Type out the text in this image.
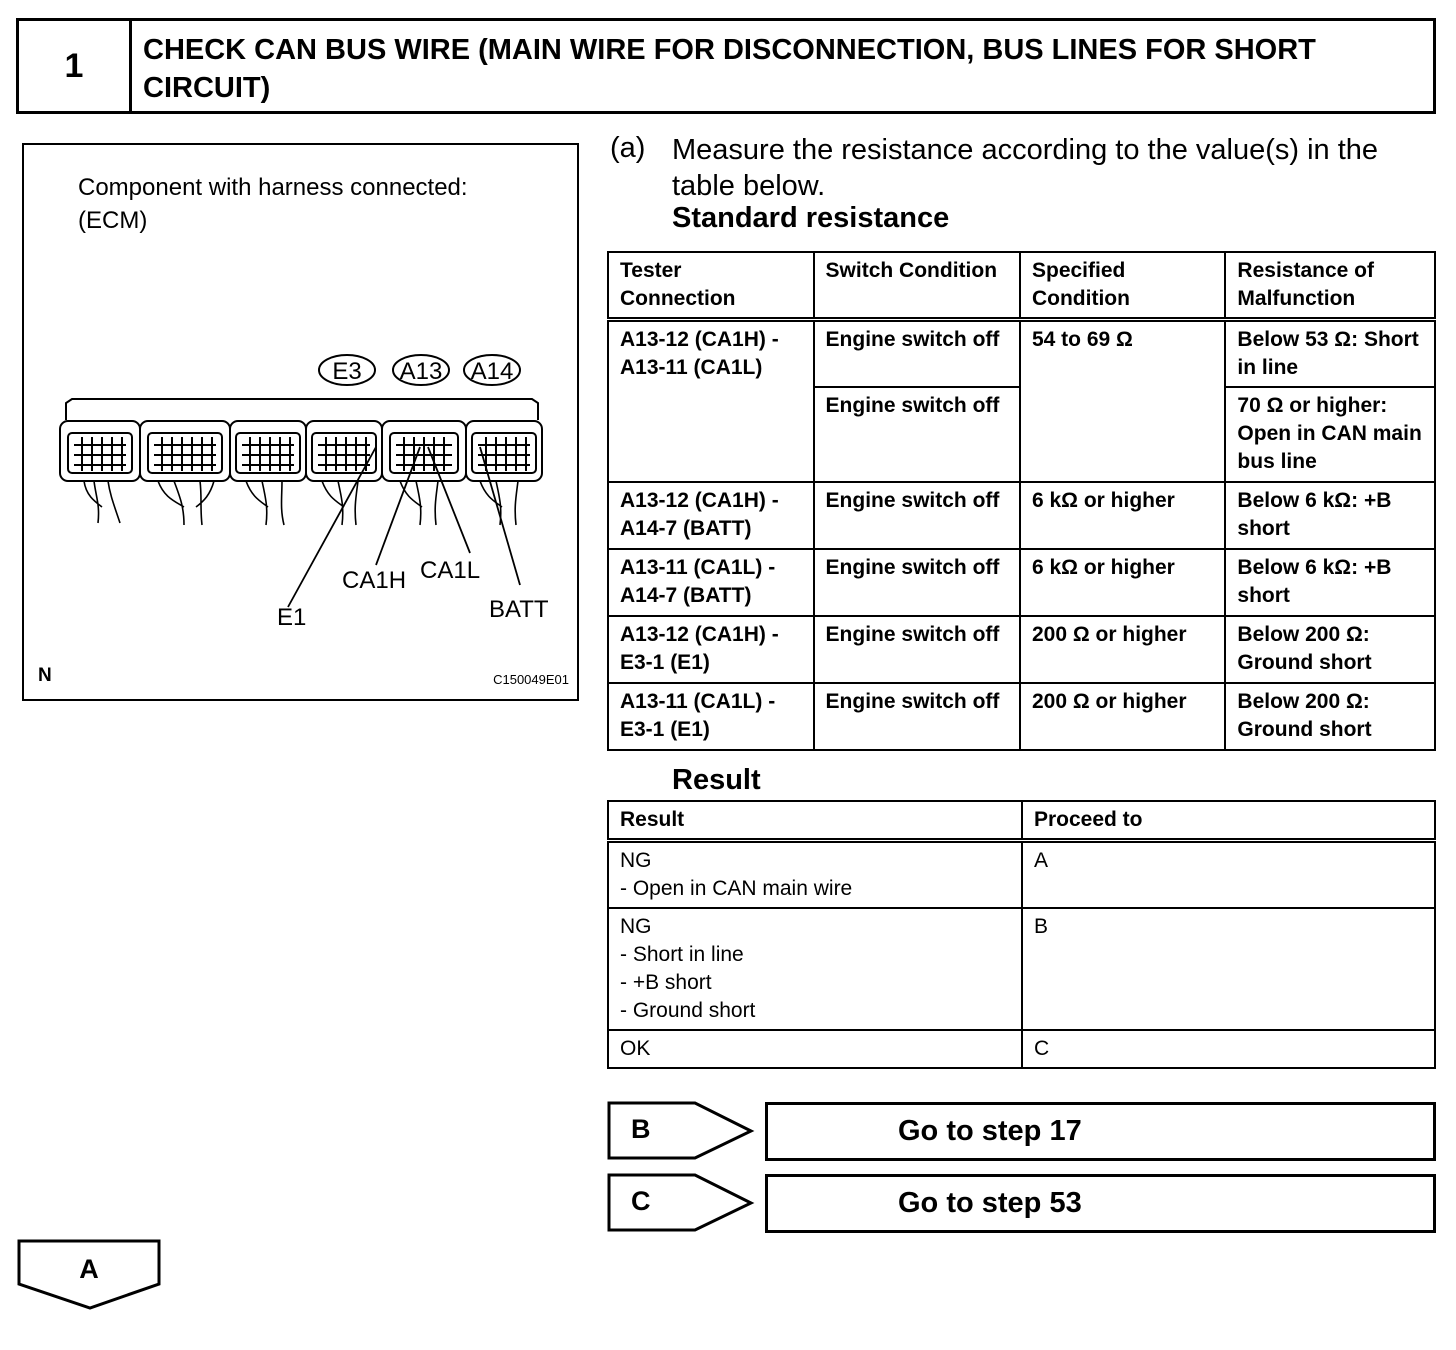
1	CHECK CAN BUS WIRE (MAIN WIRE FOR DISCONNECTION, BUS LINES FOR SHORT CIRCUIT)
Component with harness connected:
(ECM)
E3 A13 A14
E1
CA1H CA1L
BATT
N	C150049E01
(a) Measure the resistance according to the value(s) in the table below.
Standard resistance
Tester Connection	Switch Condition	Specified Condition	Resistance of Malfunction
A13-12 (CA1H) - A13-11 (CA1L)	Engine switch off	54 to 69 Ω	Below 53 Ω: Short in line
	Engine switch off		70 Ω or higher: Open in CAN main bus line
A13-12 (CA1H) - A14-7 (BATT)	Engine switch off	6 kΩ or higher	Below 6 kΩ: +B short
A13-11 (CA1L) - A14-7 (BATT)	Engine switch off	6 kΩ or higher	Below 6 kΩ: +B short
A13-12 (CA1H) - E3-1 (E1)	Engine switch off	200 Ω or higher	Below 200 Ω: Ground short
A13-11 (CA1L) - E3-1 (E1)	Engine switch off	200 Ω or higher	Below 200 Ω: Ground short
Result
Result	Proceed to

NG
- Open in CAN main wire	A

NG
- Short in line
- +B short
- Ground short	B

OK	C
B	Go to step 17
C	Go to step 53
A
